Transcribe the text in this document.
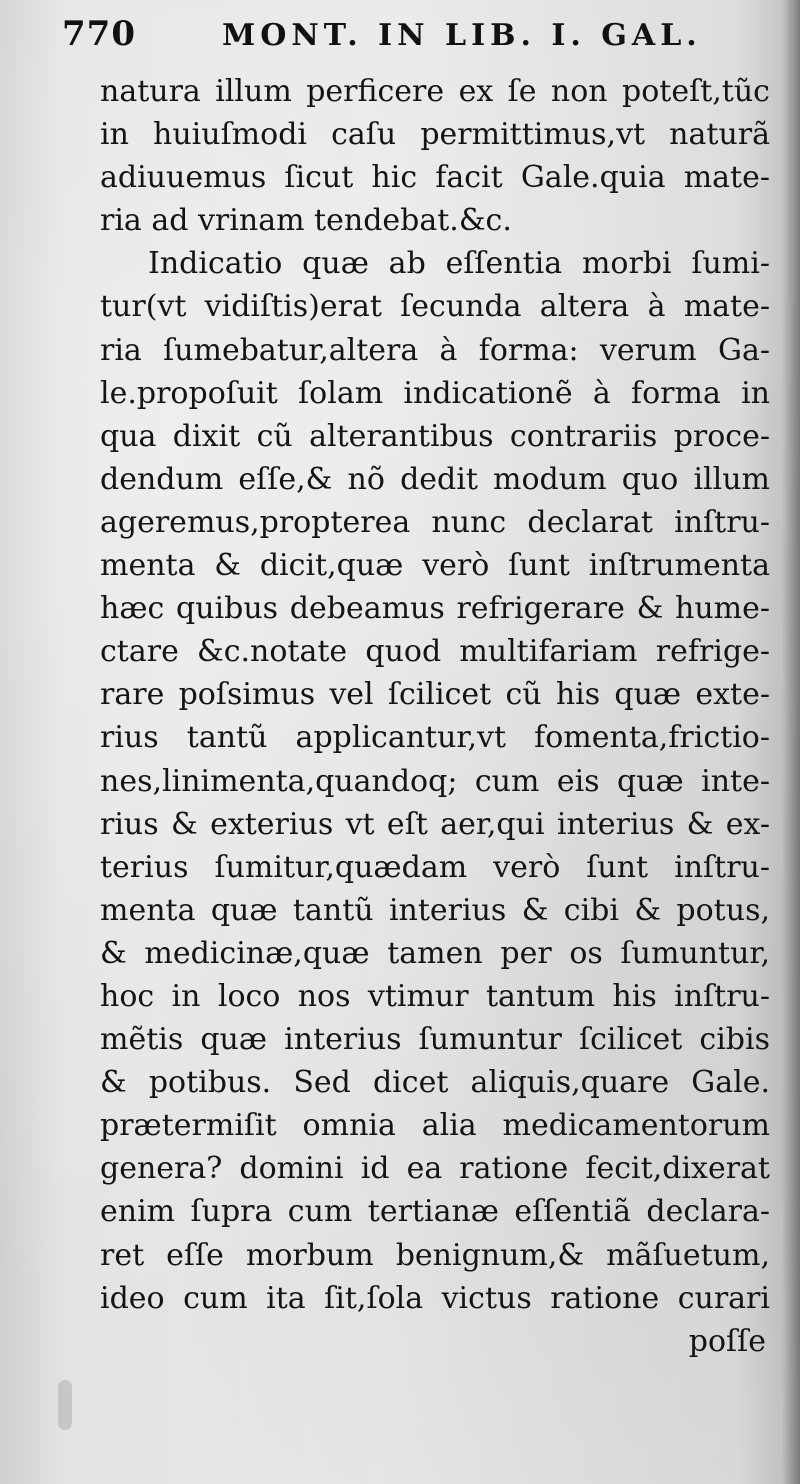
770	MONT. IN LIB. I. GAL.
natura illum perficere ex ſe non poteſt,tũc
in huiuſmodi caſu permittimus,vt naturã
adiuuemus ſicut hic facit Gale.quia mate-
ria ad vrinam tendebat.&c.
Indicatio quæ ab eſſentia morbi ſumi-
tur(vt vidiſtis)erat ſecunda altera à mate-
ria ſumebatur,altera à forma: verum Ga-
le.propoſuit ſolam indicationẽ à forma in
qua dixit cũ alterantibus contrariis proce-
dendum eſſe,& nõ dedit modum quo illum
ageremus,propterea nunc declarat inſtru-
menta & dicit,quæ verò ſunt inſtrumenta
hæc quibus debeamus refrigerare & hume-
ctare &c.notate quod multifariam refrige-
rare poſsimus vel ſcilicet cũ his quæ exte-
rius tantũ applicantur,vt fomenta,frictio-
nes,linimenta,quandoq; cum eis quæ inte-
rius & exterius vt eſt aer,qui interius & ex-
terius ſumitur,quædam verò ſunt inſtru-
menta quæ tantũ interius & cibi & potus,
& medicinæ,quæ tamen per os ſumuntur,
hoc in loco nos vtimur tantum his inſtru-
mẽtis quæ interius ſumuntur ſcilicet cibis
& potibus. Sed dicet aliquis,quare Gale.
prætermiſit omnia alia medicamentorum
genera? domini id ea ratione fecit,dixerat
enim ſupra cum tertianæ eſſentiã declara-
ret eſſe morbum benignum,& mãſuetum,
ideo cum ita ſit,ſola victus ratione curari
poſſe
